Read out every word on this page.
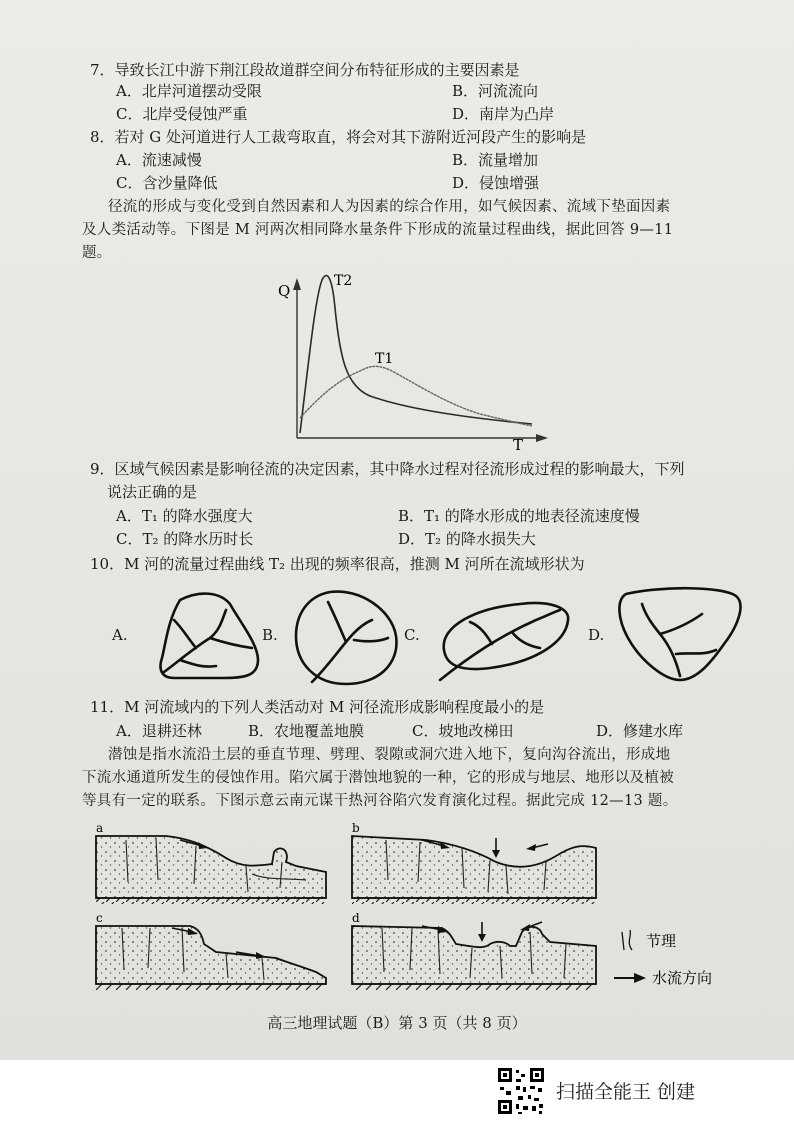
7．导致长江中游下荆江段故道群空间分布特征形成的主要因素是
A．北岸河道摆动受限	B．河流流向
C．北岸受侵蚀严重	D．南岸为凸岸
8．若对 G 处河道进行人工裁弯取直，将会对其下游附近河段产生的影响是
A．流速减慢	B．流量增加
C．含沙量降低	D．侵蚀增强
径流的形成与变化受到自然因素和人为因素的综合作用，如气候因素、流域下垫面因素
及人类活动等。下图是 M 河两次相同降水量条件下形成的流量过程曲线，据此回答 9—11
题。
Q
T
T2
T1
9．区域气候因素是影响径流的决定因素，其中降水过程对径流形成过程的影响最大，下列
说法正确的是
A．T₁ 的降水强度大	B．T₁ 的降水形成的地表径流速度慢
C．T₂ 的降水历时长	D．T₂ 的降水损失大
10．M 河的流量过程曲线 T₂ 出现的频率很高，推测 M 河所在流域形状为
A.	B.	C.	D.
11．M 河流域内的下列人类活动对 M 河径流形成影响程度最小的是
A．退耕还林	B．农地覆盖地膜	C．坡地改梯田	D．修建水库
潜蚀是指水流沿土层的垂直节理、劈理、裂隙或洞穴进入地下，复向沟谷流出，形成地
下流水通道所发生的侵蚀作用。陷穴属于潜蚀地貌的一种，它的形成与地层、地形以及植被
等具有一定的联系。下图示意云南元谋干热河谷陷穴发育演化过程。据此完成 12—13 题。
a	b
c	d
节理
水流方向
高三地理试题（B）第 3 页（共 8 页）
扫描全能王 创建
